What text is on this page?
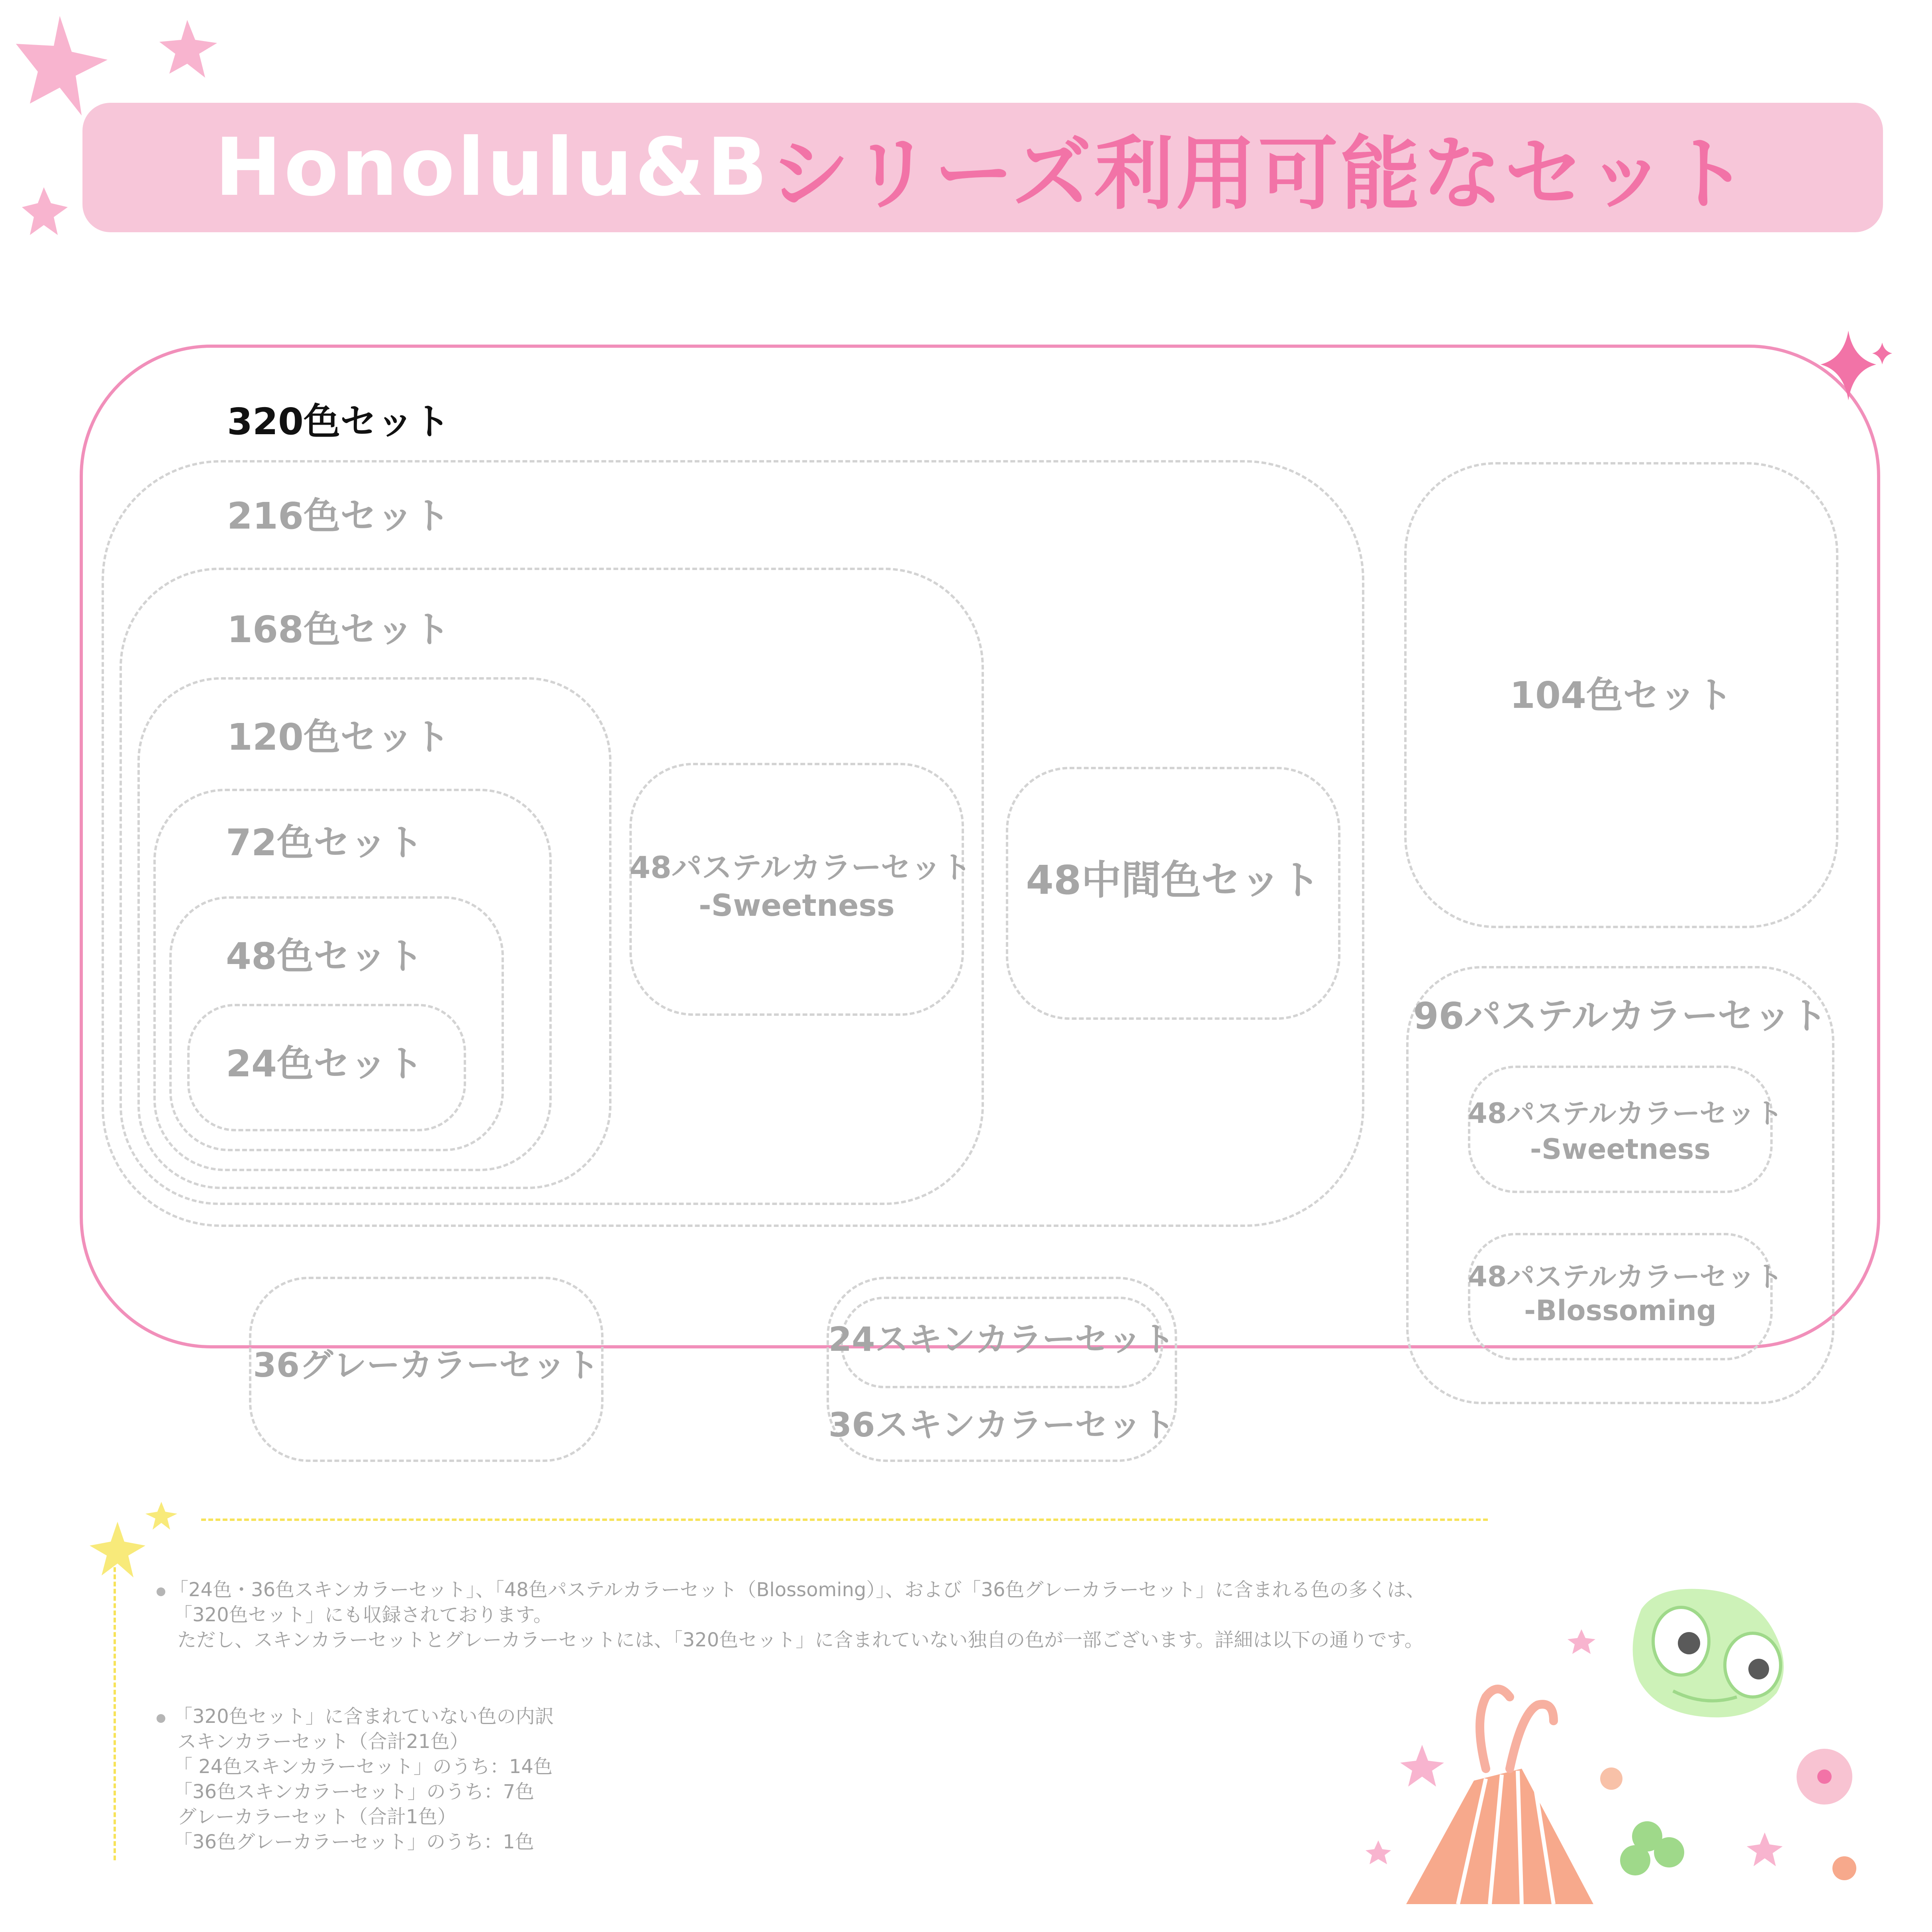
Honolulu&B シリーズ利用可能なセット
320色セット
216色セット
168色セット
120色セット
72色セット
48色セット
24色セット
48パステルカラーセット
-Sweetness
48中間色セット
104色セット
96パステルカラーセット
48パステルカラーセット
-Sweetness
48パステルカラーセット
-Blossoming
36グレーカラーセット
24スキンカラーセット
36スキンカラーセット
「24色・36色スキンカラーセット」、「48色パステルカラーセット（Blossoming）」、および「36色グレーカラーセット」に含まれる色の多くは、
「320色セット」にも収録されております。
ただし、スキンカラーセットとグレーカラーセットには、「320色セット」に含まれていない独自の色が一部ございます。詳細は以下の通りです。
「320色セット」に含まれていない色の内訳
スキンカラーセット（合計21色）
「 24色スキンカラーセット」のうち：14色
「36色スキンカラーセット」のうち：7色
グレーカラーセット（合計1色）
「36色グレーカラーセット」のうち：1色
